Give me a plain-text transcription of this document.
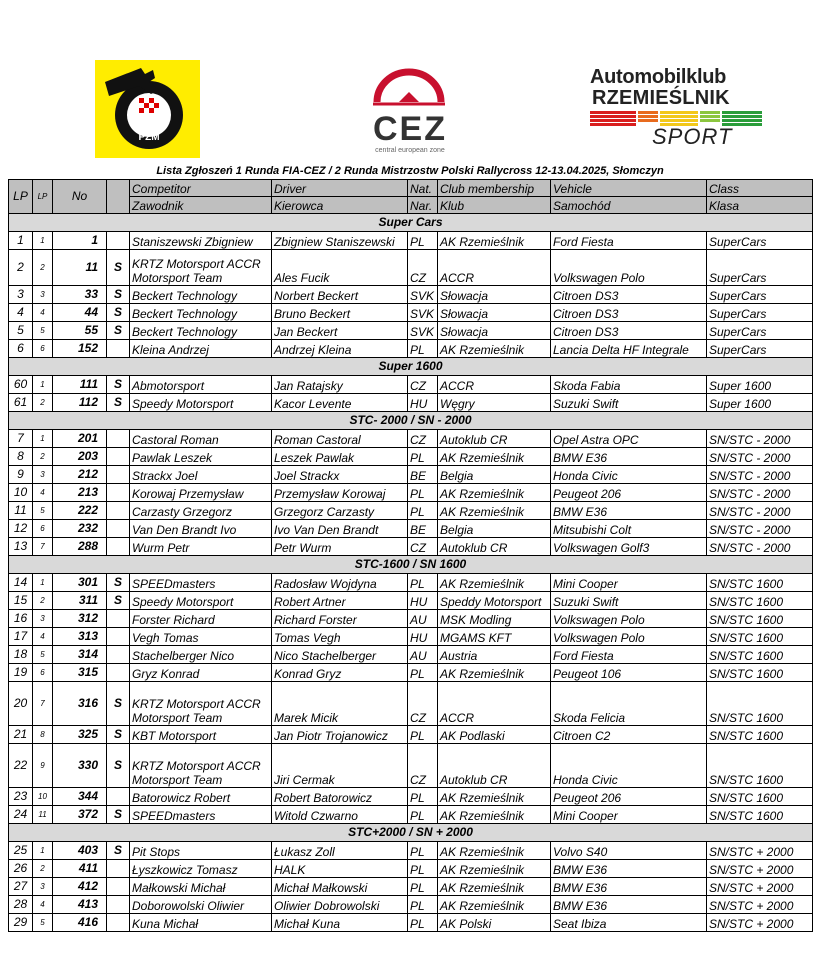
PZM	CEZ
central european zone
Automobilklub
RZEMIEŚLNIK
SPORT
Lista Zgłoszeń 1 Runda FIA-CEZ / 2 Runda Mistrzostw Polski Rallycross 12-13.04.2025, Słomczyn
LP	LP	No		Competitor	Driver	Nat.	Club membership	Vehicle	Class
				Zawodnik	Kierowca	Nar.	Klub	Samochód	Klasa
Super Cars									
1	1	1		Staniszewski Zbigniew	Zbigniew Staniszewski	PL	AK Rzemieślnik	Ford Fiesta	SuperCars
2	2	11	S	KRTZ Motorsport ACCR Motorsport Team	Ales Fucik	CZ	ACCR	Volkswagen Polo	SuperCars
3	3	33	S	Beckert Technology	Norbert Beckert	SVK	Słowacja	Citroen DS3	SuperCars
4	4	44	S	Beckert Technology	Bruno Beckert	SVK	Słowacja	Citroen DS3	SuperCars
5	5	55	S	Beckert Technology	Jan Beckert	SVK	Słowacja	Citroen DS3	SuperCars
6	6	152		Kleina Andrzej	Andrzej Kleina	PL	AK Rzemieślnik	Lancia Delta HF Integrale	SuperCars
Super 1600									
60	1	111	S	Abmotorsport	Jan Ratajsky	CZ	ACCR	Skoda Fabia	Super 1600
61	2	112	S	Speedy Motorsport	Kacor Levente	HU	Węgry	Suzuki Swift	Super 1600
STC- 2000 / SN - 2000									
7	1	201		Castoral Roman	Roman Castoral	CZ	Autoklub CR	Opel Astra OPC	SN/STC - 2000
8	2	203		Pawlak Leszek	Leszek Pawlak	PL	AK Rzemieślnik	BMW E36	SN/STC - 2000
9	3	212		Strackx Joel	Joel Strackx	BE	Belgia	Honda Civic	SN/STC - 2000
10	4	213		Korowaj Przemysław	Przemysław Korowaj	PL	AK Rzemieślnik	Peugeot 206	SN/STC - 2000
11	5	222		Carzasty Grzegorz	Grzegorz Carzasty	PL	AK Rzemieślnik	BMW E36	SN/STC - 2000
12	6	232		Van Den Brandt Ivo	Ivo Van Den Brandt	BE	Belgia	Mitsubishi Colt	SN/STC - 2000
13	7	288		Wurm Petr	Petr Wurm	CZ	Autoklub CR	Volkswagen Golf3	SN/STC - 2000
STC-1600 / SN 1600									
14	1	301	S	SPEEDmasters	Radosław Wojdyna	PL	AK Rzemieślnik	Mini Cooper	SN/STC 1600
15	2	311	S	Speedy Motorsport	Robert Artner	HU	Speddy Motorsport	Suzuki Swift	SN/STC 1600
16	3	312		Forster Richard	Richard Forster	AU	MSK Modling	Volkswagen Polo	SN/STC 1600
17	4	313		Vegh Tomas	Tomas Vegh	HU	MGAMS KFT	Volkswagen Polo	SN/STC 1600
18	5	314		Stachelberger Nico	Nico Stachelberger	AU	Austria	Ford Fiesta	SN/STC 1600
19	6	315		Gryz Konrad	Konrad Gryz	PL	AK Rzemieślnik	Peugeot 106	SN/STC 1600
20	7	316	S	KRTZ Motorsport ACCR Motorsport Team	Marek Micik	CZ	ACCR	Skoda Felicia	SN/STC 1600
21	8	325	S	KBT Motorsport	Jan Piotr Trojanowicz	PL	AK Podlaski	Citroen C2	SN/STC 1600
22	9	330	S	KRTZ Motorsport ACCR Motorsport Team	Jiri Cermak	CZ	Autoklub CR	Honda Civic	SN/STC 1600
23	10	344		Batorowicz Robert	Robert Batorowicz	PL	AK Rzemieślnik	Peugeot 206	SN/STC 1600
24	11	372	S	SPEEDmasters	Witold Czwarno	PL	AK Rzemieślnik	Mini Cooper	SN/STC 1600
STC+2000 / SN + 2000									
25	1	403	S	Pit Stops	Łukasz Zoll	PL	AK Rzemieślnik	Volvo S40	SN/STC + 2000
26	2	411		Łyszkowicz Tomasz	HALK	PL	AK Rzemieślnik	BMW E36	SN/STC + 2000
27	3	412		Małkowski Michał	Michał Małkowski	PL	AK Rzemieślnik	BMW E36	SN/STC + 2000
28	4	413		Doborowolski Oliwier	Oliwier Dobrowolski	PL	AK Rzemieślnik	BMW E36	SN/STC + 2000
29	5	416		Kuna Michał	Michał Kuna	PL	AK Polski	Seat Ibiza	SN/STC + 2000
